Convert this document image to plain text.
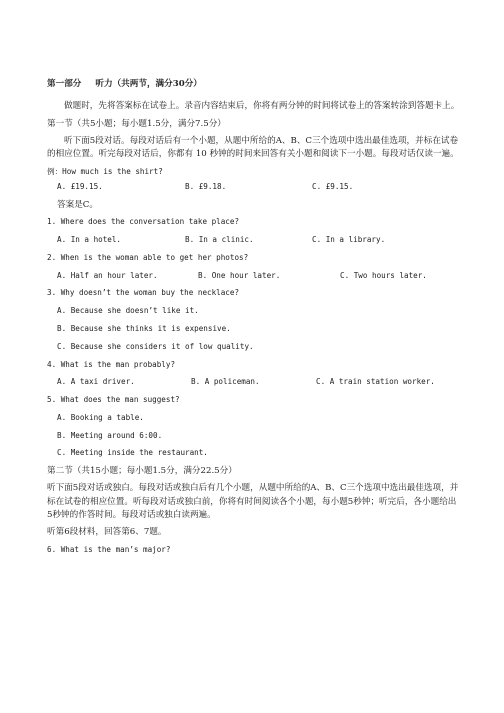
第一部分 听力（共两节，满分30分）

做题时，先将答案标在试卷上。录音内容结束后，你将有两分钟的时间将试卷上的答案转涂到答题卡上。

第一节（共5小题；每小题1.5分，满分7.5分）

听下面5段对话。每段对话后有一个小题，从题中所给的A、B、C三个选项中选出最佳选项，并标在试卷的相应位置。听完每段对话后，你都有 10 秒钟的时间来回答有关小题和阅读下一小题。每段对话仅读一遍。

例：How much is the shirt?

A. £19.15.	B. £9.18.	C. £9.15.

答案是C。

1. Where does the conversation take place?

A. In a hotel.	B. In a clinic.	C. In a library.

2. When is the woman able to get her photos?

A. Half an hour later.	B. One hour later.	C. Two hours later.

3. Why doesn’t the woman buy the necklace?

A. Because she doesn’t like it.

B. Because she thinks it is expensive.

C. Because she considers it of low quality.

4. What is the man probably?

A. A taxi driver.	B. A policeman.	C. A train station worker.

5. What does the man suggest?

A. Booking a table.

B. Meeting around 6:00.

C. Meeting inside the restaurant.

第二节（共15小题；每小题1.5分，满分22.5分）

听下面5段对话或独白。每段对话或独白后有几个小题，从题中所给的A、B、C三个选项中选出最佳选项，并标在试卷的相应位置。听每段对话或独白前，你将有时间阅读各个小题，每小题5秒钟；听完后，各小题给出5秒钟的作答时间。每段对话或独白读两遍。

听第6段材料，回答第6、7题。

6. What is the man’s major?
